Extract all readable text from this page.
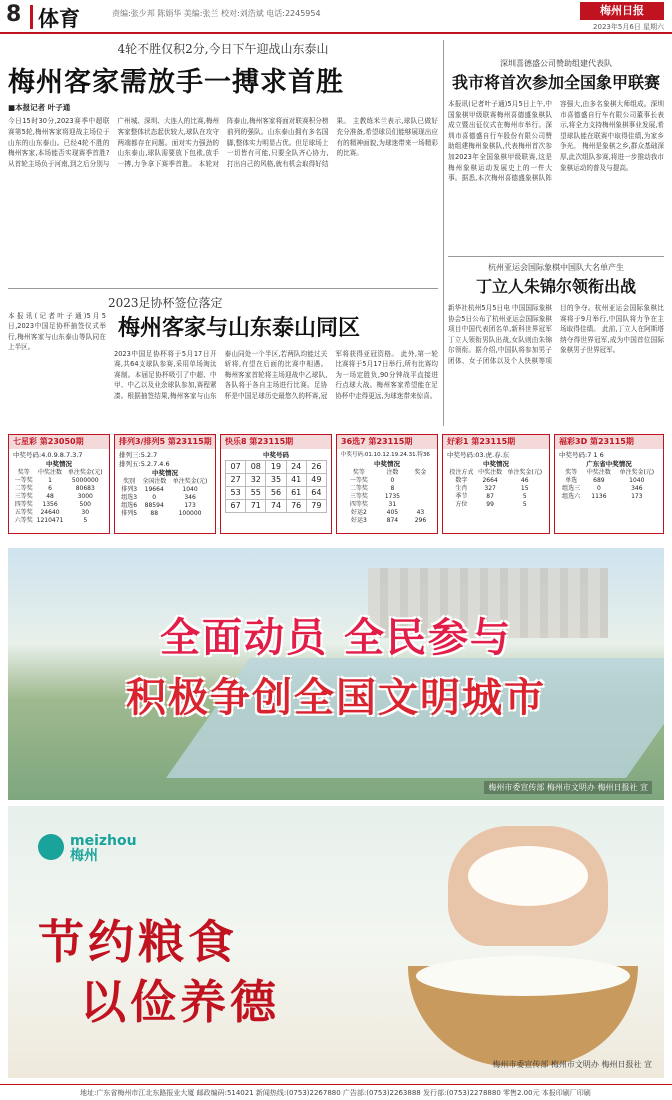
8 体育	责编:张少邦 陈娟华 美编:张兰 校对:刘浩斌 电话:2245954	梅州日报
2023年5月6日 星期六
4轮不胜仅积2分,今日下午迎战山东泰山
梅州客家需放手一搏求首胜
■本报记者 叶子通
今日15时30分,2023赛季中超联赛第5轮,梅州客家将迎战主场位于山东的山东泰山。已经4轮不胜的梅州客家,本场能否实现赛季首胜? 从首轮主场负于河南,到之后分别与广州城、深圳、大连人的比赛,梅州客家整体状态起伏较大,球队在攻守两端都存在问题。面对实力强劲的山东泰山,球队需要放下包袱,放手一搏,力争拿下赛季首胜。 本轮对阵泰山,梅州客家将面对联赛积分榜前列的强队。山东泰山拥有多名国脚,整体实力明显占优。但足球场上一切皆有可能,只要全队齐心协力,打出自己的风格,就有机会取得好结果。 主教练米兰表示,球队已做好充分准备,希望球员们能够展现出应有的精神面貌,为球迷带来一场精彩的比赛。
深圳喜德盛公司赞助组建代表队
我市将首次参加全国象甲联赛
本报讯(记者叶子通)5月5日上午,中国象棋甲级联赛梅州喜德盛象棋队成立暨出征仪式在梅州市举行。深圳市喜德盛自行车股份有限公司赞助组建梅州象棋队,代表梅州首次参加2023年全国象棋甲级联赛,这是梅州象棋运动发展史上的一件大事。据悉,本次梅州喜德盛象棋队阵容强大,由多名象棋大师组成。深圳市喜德盛自行车有限公司董事长表示,将全力支持梅州象棋事业发展,希望球队能在联赛中取得佳绩,为家乡争光。 梅州是象棋之乡,群众基础深厚,此次组队参赛,将进一步推动我市象棋运动的普及与提高。
杭州亚运会国际象棋中国队大名单产生
丁立人朱锦尔领衔出战
新华社杭州5月5日电 中国国际象棋协会5日公布了杭州亚运会国际象棋项目中国代表团名单,新科世界冠军丁立人领衔男队出战,女队则由朱锦尔领衔。据介绍,中国队将参加男子团体、女子团体以及个人快棋等项目的争夺。杭州亚运会国际象棋比赛将于9月举行,中国队将力争在主场取得佳绩。 此前,丁立人在阿斯塔纳夺得世界冠军,成为中国首位国际象棋男子世界冠军。
2023足协杯签位落定
梅州客家与山东泰山同区
本报讯(记者叶子通)5月5日,2023中国足协杯抽签仪式举行,梅州客家与山东泰山等队同在上半区。
2023中国足协杯将于5月17日开赛,共64支球队参赛,采用单场淘汰赛制。本届足协杯吸引了中超、中甲、中乙以及业余球队参加,赛程紧凑。根据抽签结果,梅州客家与山东泰山同处一个半区,若两队均能过关斩将,有望在后面的比赛中相遇。 梅州客家首轮将主场迎战中乙球队,各队将于各自主场进行比赛。足协杯是中国足球历史最悠久的杯赛,冠军将获得亚冠资格。 此外,第一轮比赛将于5月17日举行,所有比赛均为一场定胜负,90分钟战平直接进行点球大战。梅州客家希望能在足协杯中走得更远,为球迷带来惊喜。
七星彩 第23050期
中奖号码:4.0.9.8.7.3.7
中奖情况
奖等	中奖注数	单注奖金(元)
一等奖	1	5000000
二等奖	6	80683
三等奖	48	3000
四等奖	1356	500
五等奖	24640	30
六等奖	1210471	5
排列3/排列5 第23115期
排列三:5.2.7
排列五:5.2.7.4.6
中奖情况
奖别	全国注数	单注奖金(元)
排列3	19664	1040
组选3	0	346
组选6	88594	173
排列5	88	100000
快乐8 第23115期
中奖号码
07	08	19	24	26
27	32	35	41	49
53	55	56	61	64
67	71	74	76	79
36选7 第23115期
中奖号码:01.10.12.19.24.31.特36
中奖情况
奖等	注数	奖金
一等奖	0	
二等奖	8	
三等奖	1735	
四等奖	31	
好运2	405	43
好运3	874	296
好彩1 第23115期
中奖号码:03.虎.春.东
中奖情况
投注方式	中奖注数	单注奖金(元)
数字	2664	46
生肖	327	15
季节	87	5
方位	99	5
福彩3D 第23115期
中奖号码:7 1 6
广东省中奖情况
奖等	中奖注数	单注奖金(元)
单选	689	1040
组选三	0	346
组选六	1136	173
全面动员 全民参与
积极争创全国文明城市
梅州市委宣传部 梅州市文明办 梅州日报社 宣
meizhou
梅州
节约粮食
以俭养德
梅州市委宣传部 梅州市文明办 梅州日报社 宣
地址:广东省梅州市江北东路报业大厦 邮政编码:514021 新闻热线:(0753)2267880 广告部:(0753)2263888 发行部:(0753)2278880 零售2.00元 本报印刷厂印刷
